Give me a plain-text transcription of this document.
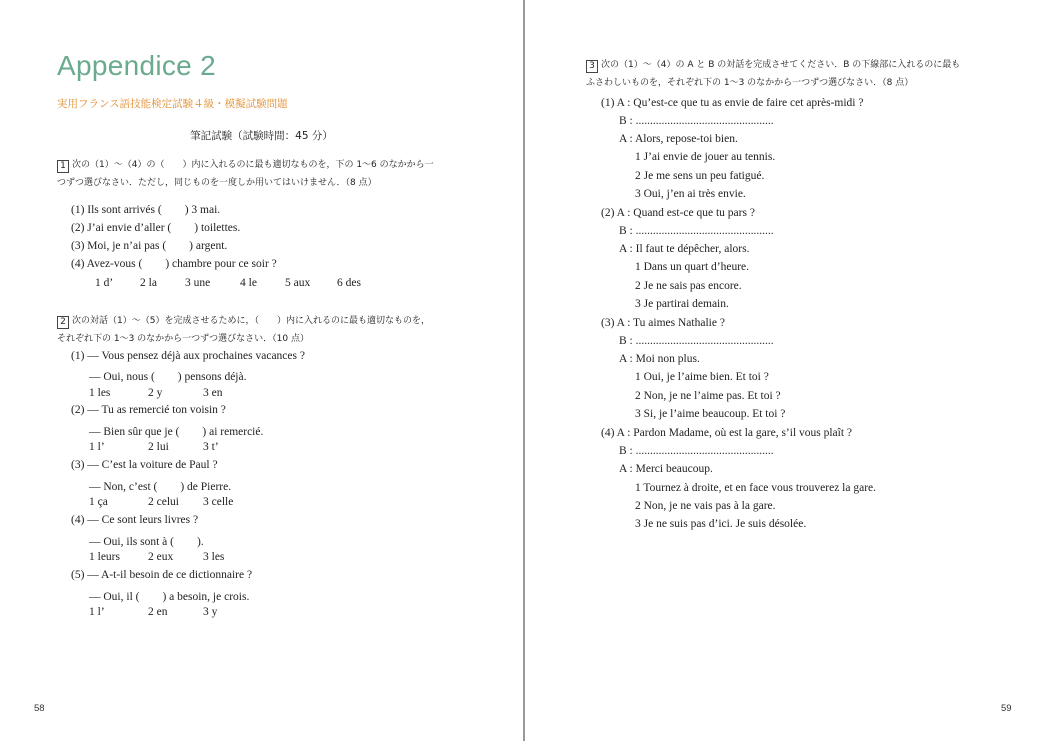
Appendice 2
実用フランス語技能検定試験４級・模擬試験問題
筆記試験（試験時間：45 分）
1 次の（1）～（4）の（　　）内に入れるのに最も適切なものを，下の 1～6 のなかから一
つずつ選びなさい．ただし，同じものを一度しか用いてはいけません．（8 点）
(1) Ils sont arrivés (　　) 3 mai.
(2) J’ai envie d’aller (　　) toilettes.
(3) Moi, je n’ai pas (　　) argent.
(4) Avez-vous (　　) chambre pour ce soir ?
1 d’ 2 la 3 une	4 le 5 aux 6 des
2 次の対話（1）～（5）を完成させるために，（　　）内に入れるのに最も適切なものを，
それぞれ下の 1～3 のなかから一つずつ選びなさい．（10 点）
(1) — Vous pensez déjà aux prochaines vacances ?
— Oui, nous (　　) pensons déjà.
1 les	2 y	3 en
(2) — Tu as remercié ton voisin ?
— Bien sûr que je (　　) ai remercié.
1 l’	2 lui	3 t’
(3) — C’est la voiture de Paul ?
— Non, c’est (　　) de Pierre.
1 ça	2 celui 3 celle
(4) — Ce sont leurs livres ?
— Oui, ils sont à (　　).
1 leurs 2 eux	3 les
(5) — A-t-il besoin de ce dictionnaire ?
— Oui, il (　　) a besoin, je crois.
1 l’	2 en	3 y
58
3 次の（1）～（4）の A と B の対話を完成させてください．B の下線部に入れるのに最も
ふさわしいものを，それぞれ下の 1～3 のなかから一つずつ選びなさい．（8 点）
(1) A : Qu’est-ce que tu as envie de faire cet après-midi ?
B : ................................................
A : Alors, repose-toi bien.
1 J’ai envie de jouer au tennis.
2 Je me sens un peu fatigué.
3 Oui, j’en ai très envie.
(2) A : Quand est-ce que tu pars ?
B : ................................................
A : Il faut te dépêcher, alors.
1 Dans un quart d’heure.
2 Je ne sais pas encore.
3 Je partirai demain.
(3) A : Tu aimes Nathalie ?
B : ................................................
A : Moi non plus.
1 Oui, je l’aime bien. Et toi ?
2 Non, je ne l’aime pas. Et toi ?
3 Si, je l’aime beaucoup. Et toi ?
(4) A : Pardon Madame, où est la gare, s’il vous plaît ?
B : ................................................
A : Merci beaucoup.
1 Tournez à droite, et en face vous trouverez la gare.
2 Non, je ne vais pas à la gare.
3 Je ne suis pas d’ici. Je suis désolée.
59
